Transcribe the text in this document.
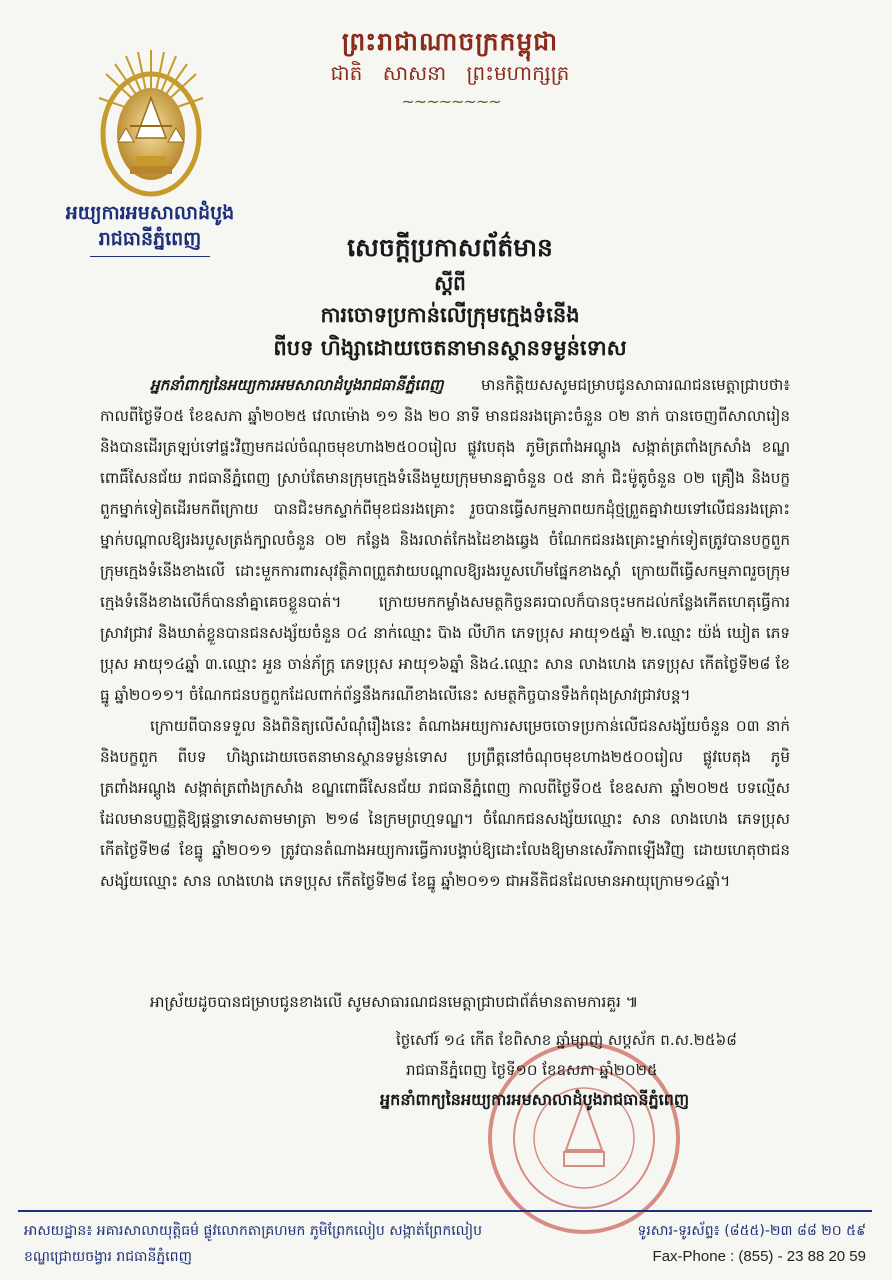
ព្រះរាជាណាចក្រកម្ពុជា
ជាតិ សាសនា ព្រះមហាក្សត្រ
~~~~~~~~
អយ្យការអមសាលាដំបូង
រាជធានីភ្នំពេញ	សេចក្តីប្រកាសព័ត៌មាន
ស្តីពី
ការចោទប្រកាន់លើក្រុមក្មេងទំនើង
ពីបទ ហិង្សាដោយចេតនាមានស្ថានទម្ងន់ទោស

អ្នកនាំពាក្យនៃអយ្យការអមសាលាដំបូងរាជធានីភ្នំពេញ មានកិត្តិយសសូមជម្រាបជូនសាធារណជនមេត្តាជ្រាបថា៖ កាលពីថ្ងៃទី០៥ ខែឧសភា ឆ្នាំ២០២៥ វេលាម៉ោង ១១ និង ២០ នាទី មានជនរងគ្រោះចំនួន ០២ នាក់ បានចេញពីសាលារៀន និងបានដើរត្រឡប់ទៅផ្ទះវិញមកដល់ចំណុចមុខហាង២៥០០រៀល ផ្លូវបេតុង ភូមិត្រពាំងអណ្តូង សង្កាត់ត្រពាំងក្រសាំង ខណ្ឌពោធិ៍សែនជ័យ រាជធានីភ្នំពេញ ស្រាប់តែមានក្រុមក្មេងទំនើងមួយក្រុមមានគ្នាចំនួន ០៥ នាក់ ជិះម៉ូតូចំនួន ០២ គ្រឿង និងបក្ខពួកម្នាក់ទៀតដើរមកពីក្រោយ បានជិះមកស្ទាក់ពីមុខជនរងគ្រោះ រួចបានធ្វើសកម្មភាពយកដុំថ្មព្រួតគ្នាវាយទៅលើជនរងគ្រោះម្នាក់បណ្តាលឱ្យរងរបួសត្រង់ក្បាលចំនួន ០២ កន្លែង និងរលាត់កែងដៃខាងឆ្វេង ចំណែកជនរងគ្រោះម្នាក់ទៀតត្រូវបានបក្ខពួកក្រុមក្មេងទំនើងខាងលើ ដោះមួកការពារសុវត្ថិភាពព្រួតវាយបណ្តាលឱ្យរងរបួសហើមផ្នែកខាងស្តាំ ក្រោយពីធ្វើសកម្មភាពរួចក្រុមក្មេងទំនើងខាងលើក៏បាននាំគ្នាគេចខ្លួនបាត់។ ក្រោយមកកម្លាំងសមត្ថកិច្ចនគរបាលក៏បានចុះមកដល់កន្លែងកើតហេតុធ្វើការស្រាវជ្រាវ និងឃាត់ខ្លួនបានជនសង្ស័យចំនួន ០៤ នាក់ឈ្មោះ ប៊ាង លីហ៊ក ភេទប្រុស អាយុ១៥ឆ្នាំ ២.ឈ្មោះ យ៉ង់ ឃៀត ភេទប្រុស អាយុ១៤ឆ្នាំ ៣.ឈ្មោះ អួន ចាន់ភ័ក្ត្រ ភេទប្រុស អាយុ១៦ឆ្នាំ និង៤.ឈ្មោះ សាន លាងហេង ភេទប្រុស កើតថ្ងៃទី២៨ ខែធ្នូ ឆ្នាំ២០១១។ ចំណែកជនបក្ខពួកដែលពាក់ព័ន្ធនឹងករណីខាងលើនេះ សមត្ថកិច្ចបានទឹងកំពុងស្រាវជ្រាវបន្ត។

ក្រោយពីបានទទួល និងពិនិត្យលើសំណុំរឿងនេះ តំណាងអយ្យការសម្រេចចោទប្រកាន់លើជនសង្ស័យចំនួន ០៣ នាក់ និងបក្ខពួក ពីបទ ហិង្សាដោយចេតនាមានស្ថានទម្ងន់ទោស ប្រព្រឹត្តនៅចំណុចមុខហាង២៥០០រៀល ផ្លូវបេតុង ភូមិត្រពាំងអណ្តូង សង្កាត់ត្រពាំងក្រសាំង ខណ្ឌពោធិ៍សែនជ័យ រាជធានីភ្នំពេញ កាលពីថ្ងៃទី០៥ ខែឧសភា ឆ្នាំ២០២៥ បទល្មើសដែលមានបញ្ញត្តិឱ្យផ្តន្ទាទោសតាមមាត្រា ២១៨ នៃក្រមព្រហ្មទណ្ឌ។ ចំណែកជនសង្ស័យឈ្មោះ សាន លាងហេង ភេទប្រុស កើតថ្ងៃទី២៨ ខែធ្នូ ឆ្នាំ២០១១ ត្រូវបានតំណាងអយ្យការធ្វើការបង្គាប់ឱ្យដោះលែងឱ្យមានសេរីភាពឡើងវិញ ដោយហេតុថាជនសង្ស័យឈ្មោះ សាន លាងហេង ភេទប្រុស កើតថ្ងៃទី២៨ ខែធ្នូ ឆ្នាំ២០១១ ជាអនីតិជនដែលមានអាយុក្រោម១៤ឆ្នាំ។

អាស្រ័យដូចបានជម្រាបជូនខាងលើ សូមសាធារណជនមេត្តាជ្រាបជាព័ត៌មានតាមការគួរ ៕
ថ្ងៃសៅរ៍ ១៤ កើត ខែពិសាខ ឆ្នាំម្សាញ់ សប្តស័ក ព.ស.២៥៦៨
រាជធានីភ្នំពេញ ថ្ងៃទី១០ ខែឧសភា ឆ្នាំ២០២៥
អ្នកនាំពាក្យនៃអយ្យការអមសាលាដំបូងរាជធានីភ្នំពេញ
អាសយដ្ឋាន៖ អគារសាលាយុត្តិធម៌ ផ្លូវលោកតាគ្រហមក ភូមិព្រែកលៀប សង្កាត់ព្រែកលៀប
ខណ្ឌជ្រោយចង្វារ រាជធានីភ្នំពេញ
ទូរសារ-ទូរស័ព្ទ៖ (៨៥៥)-២៣ ៨៨ ២០ ៥៩
Fax-Phone : (855) - 23 88 20 59
